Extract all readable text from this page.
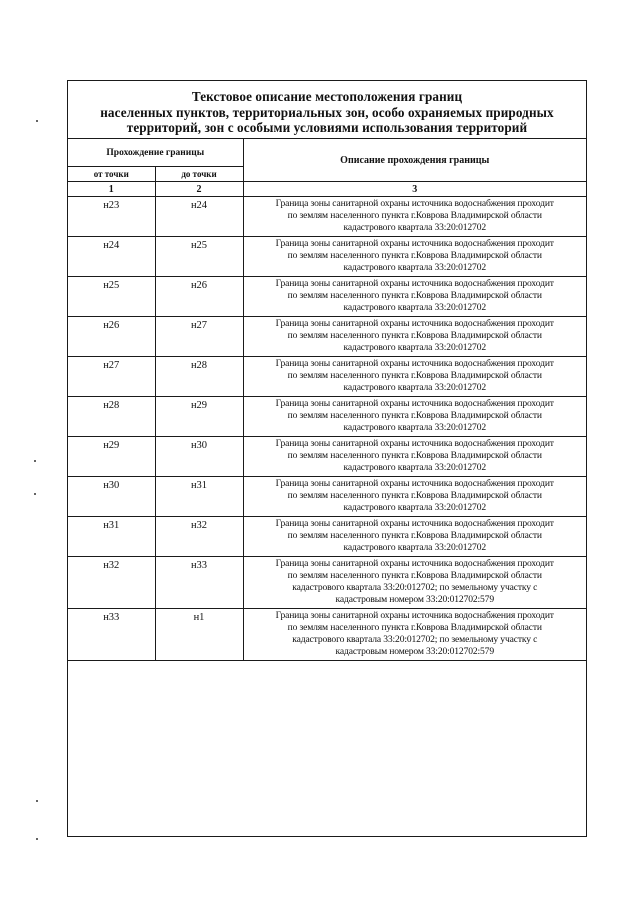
Текстовое описание местоположения границ
населенных пунктов, территориальных зон, особо охраняемых природных
территорий, зон с особыми условиями использования территорий
Прохождение границы		Описание прохождения границы
от точки	до точки	
1	2	3
н23	н24	Граница зоны санитарной охраны источника водоснабжения проходит
по землям населенного пункта г.Коврова Владимирской области
кадастрового квартала 33:20:012702

н24	н25	Граница зоны санитарной охраны источника водоснабжения проходит
по землям населенного пункта г.Коврова Владимирской области
кадастрового квартала 33:20:012702

н25	н26	Граница зоны санитарной охраны источника водоснабжения проходит
по землям населенного пункта г.Коврова Владимирской области
кадастрового квартала 33:20:012702

н26	н27	Граница зоны санитарной охраны источника водоснабжения проходит
по землям населенного пункта г.Коврова Владимирской области
кадастрового квартала 33:20:012702

н27	н28	Граница зоны санитарной охраны источника водоснабжения проходит
по землям населенного пункта г.Коврова Владимирской области
кадастрового квартала 33:20:012702

н28	н29	Граница зоны санитарной охраны источника водоснабжения проходит
по землям населенного пункта г.Коврова Владимирской области
кадастрового квартала 33:20:012702

н29	н30	Граница зоны санитарной охраны источника водоснабжения проходит
по землям населенного пункта г.Коврова Владимирской области
кадастрового квартала 33:20:012702

н30	н31	Граница зоны санитарной охраны источника водоснабжения проходит
по землям населенного пункта г.Коврова Владимирской области
кадастрового квартала 33:20:012702

н31	н32	Граница зоны санитарной охраны источника водоснабжения проходит
по землям населенного пункта г.Коврова Владимирской области
кадастрового квартала 33:20:012702

н32	н33	Граница зоны санитарной охраны источника водоснабжения проходит
по землям населенного пункта г.Коврова Владимирской области
кадастрового квартала 33:20:012702; по земельному участку с
кадастровым номером 33:20:012702:579

н33	н1	Граница зоны санитарной охраны источника водоснабжения проходит
по землям населенного пункта г.Коврова Владимирской области
кадастрового квартала 33:20:012702; по земельному участку с
кадастровым номером 33:20:012702:579
